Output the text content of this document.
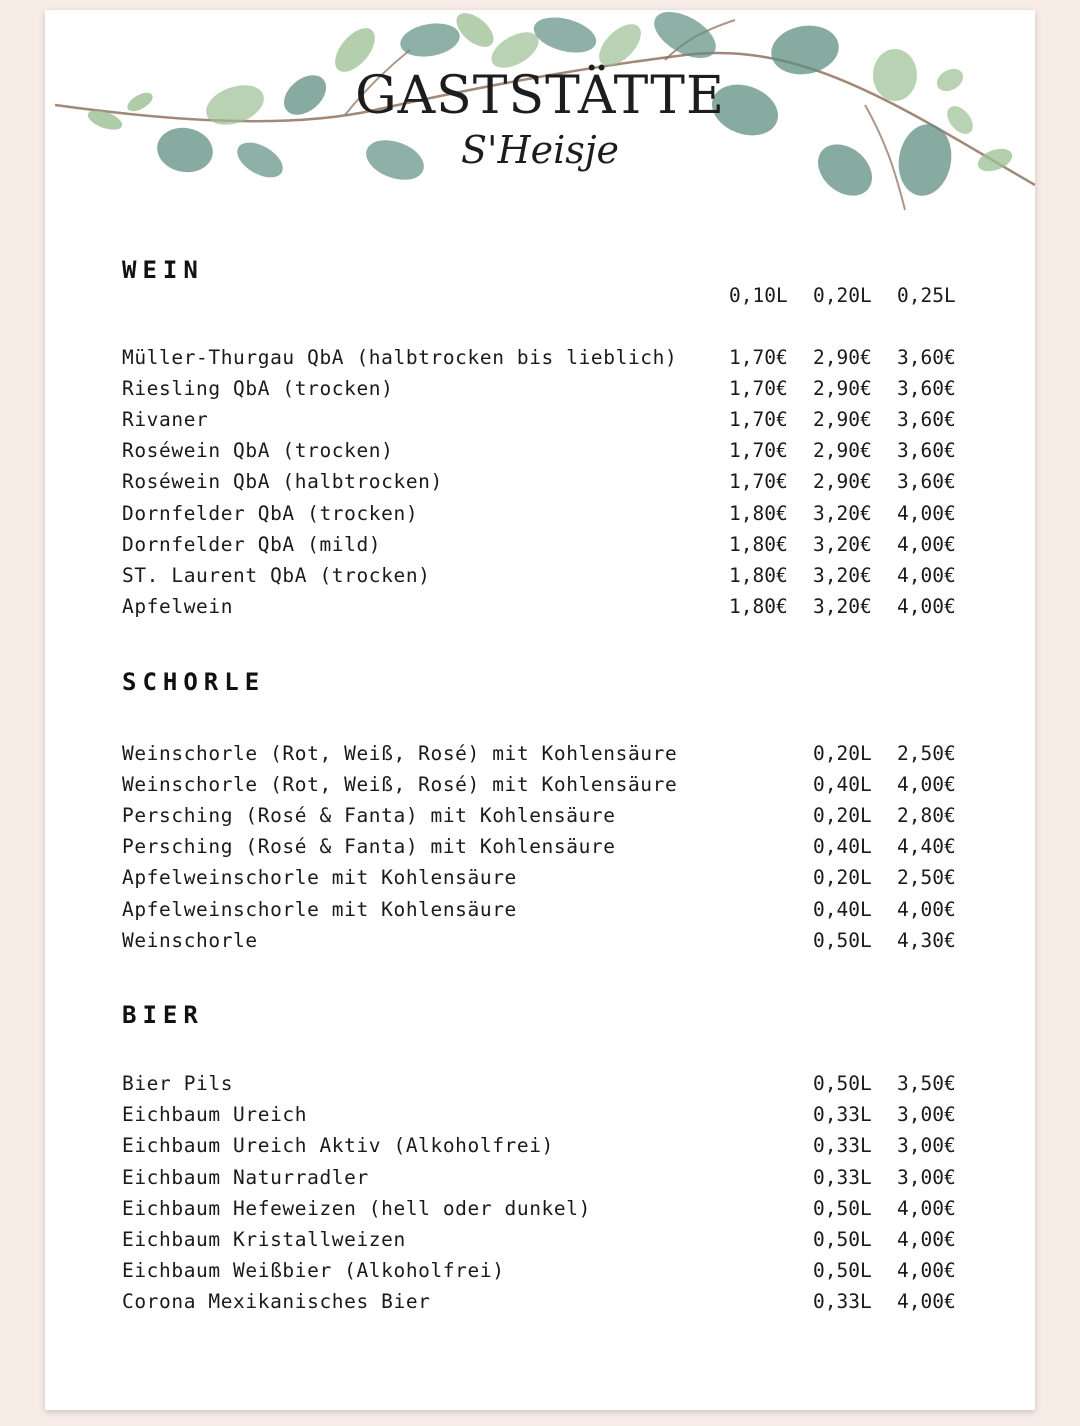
GASTSTÄTTE
S'Heisje
WEIN
0,10L 0,20L 0,25L
Müller-Thurgau QbA (halbtrocken bis lieblich)	1,70€ 2,90€ 3,60€
Riesling QbA (trocken)	1,70€ 2,90€ 3,60€
Rivaner	1,70€ 2,90€ 3,60€
Roséwein QbA (trocken)	1,70€ 2,90€ 3,60€
Roséwein QbA (halbtrocken)	1,70€ 2,90€ 3,60€
Dornfelder QbA (trocken)	1,80€ 3,20€ 4,00€
Dornfelder QbA (mild)	1,80€ 3,20€ 4,00€
ST. Laurent QbA (trocken)	1,80€ 3,20€ 4,00€
Apfelwein	1,80€ 3,20€ 4,00€
SCHORLE
Weinschorle (Rot, Weiß, Rosé) mit Kohlensäure	0,20L 2,50€
Weinschorle (Rot, Weiß, Rosé) mit Kohlensäure	0,40L 4,00€
Persching (Rosé & Fanta) mit Kohlensäure	0,20L 2,80€
Persching (Rosé & Fanta) mit Kohlensäure	0,40L 4,40€
Apfelweinschorle mit Kohlensäure	0,20L 2,50€
Apfelweinschorle mit Kohlensäure	0,40L 4,00€
Weinschorle	0,50L 4,30€
BIER
Bier Pils	0,50L 3,50€
Eichbaum Ureich	0,33L 3,00€
Eichbaum Ureich Aktiv (Alkoholfrei)	0,33L 3,00€
Eichbaum Naturradler	0,33L 3,00€
Eichbaum Hefeweizen (hell oder dunkel)	0,50L 4,00€
Eichbaum Kristallweizen	0,50L 4,00€
Eichbaum Weißbier (Alkoholfrei)	0,50L 4,00€
Corona Mexikanisches Bier	0,33L 4,00€
